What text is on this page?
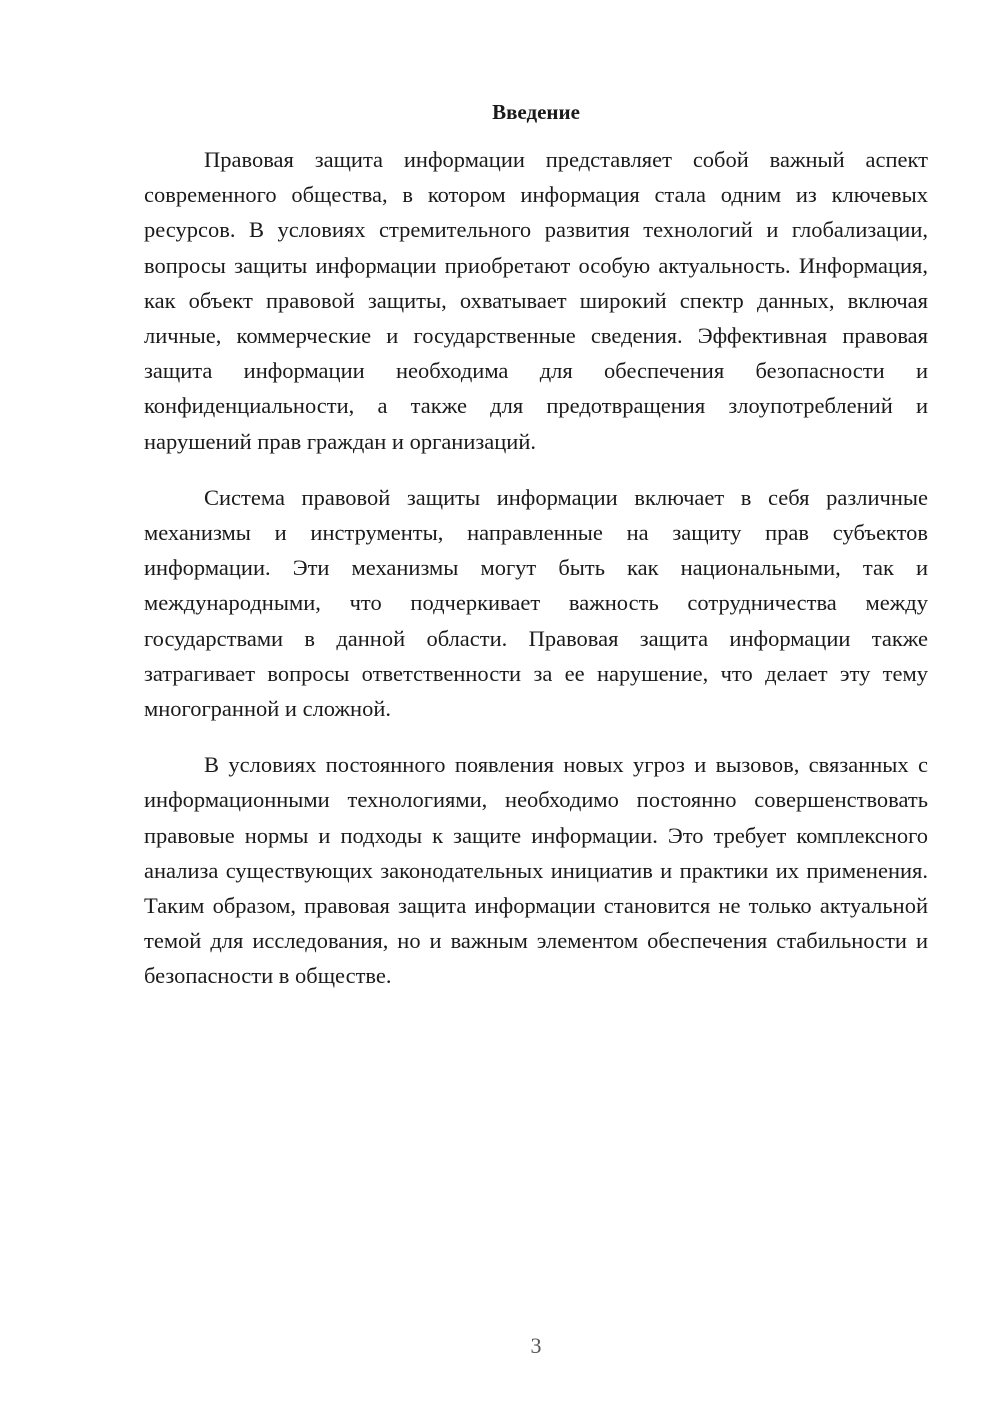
Введение

Правовая защита информации представляет собой важный аспект современного общества, в котором информация стала одним из ключевых ресурсов. В условиях стремительного развития технологий и глобализации, вопросы защиты информации приобретают особую актуальность. Информация, как объект правовой защиты, охватывает широкий спектр данных, включая личные, коммерческие и государственные сведения. Эффективная правовая защита информации необходима для обеспечения безопасности и конфиденциальности, а также для предотвращения злоупотреблений и нарушений прав граждан и организаций.

Система правовой защиты информации включает в себя различные механизмы и инструменты, направленные на защиту прав субъектов информации. Эти механизмы могут быть как национальными, так и международными, что подчеркивает важность сотрудничества между государствами в данной области. Правовая защита информации также затрагивает вопросы ответственности за ее нарушение, что делает эту тему многогранной и сложной.

В условиях постоянного появления новых угроз и вызовов, связанных с информационными технологиями, необходимо постоянно совершенствовать правовые нормы и подходы к защите информации. Это требует комплексного анализа существующих законодательных инициатив и практики их применения. Таким образом, правовая защита информации становится не только актуальной темой для исследования, но и важным элементом обеспечения стабильности и безопасности в обществе.

3
